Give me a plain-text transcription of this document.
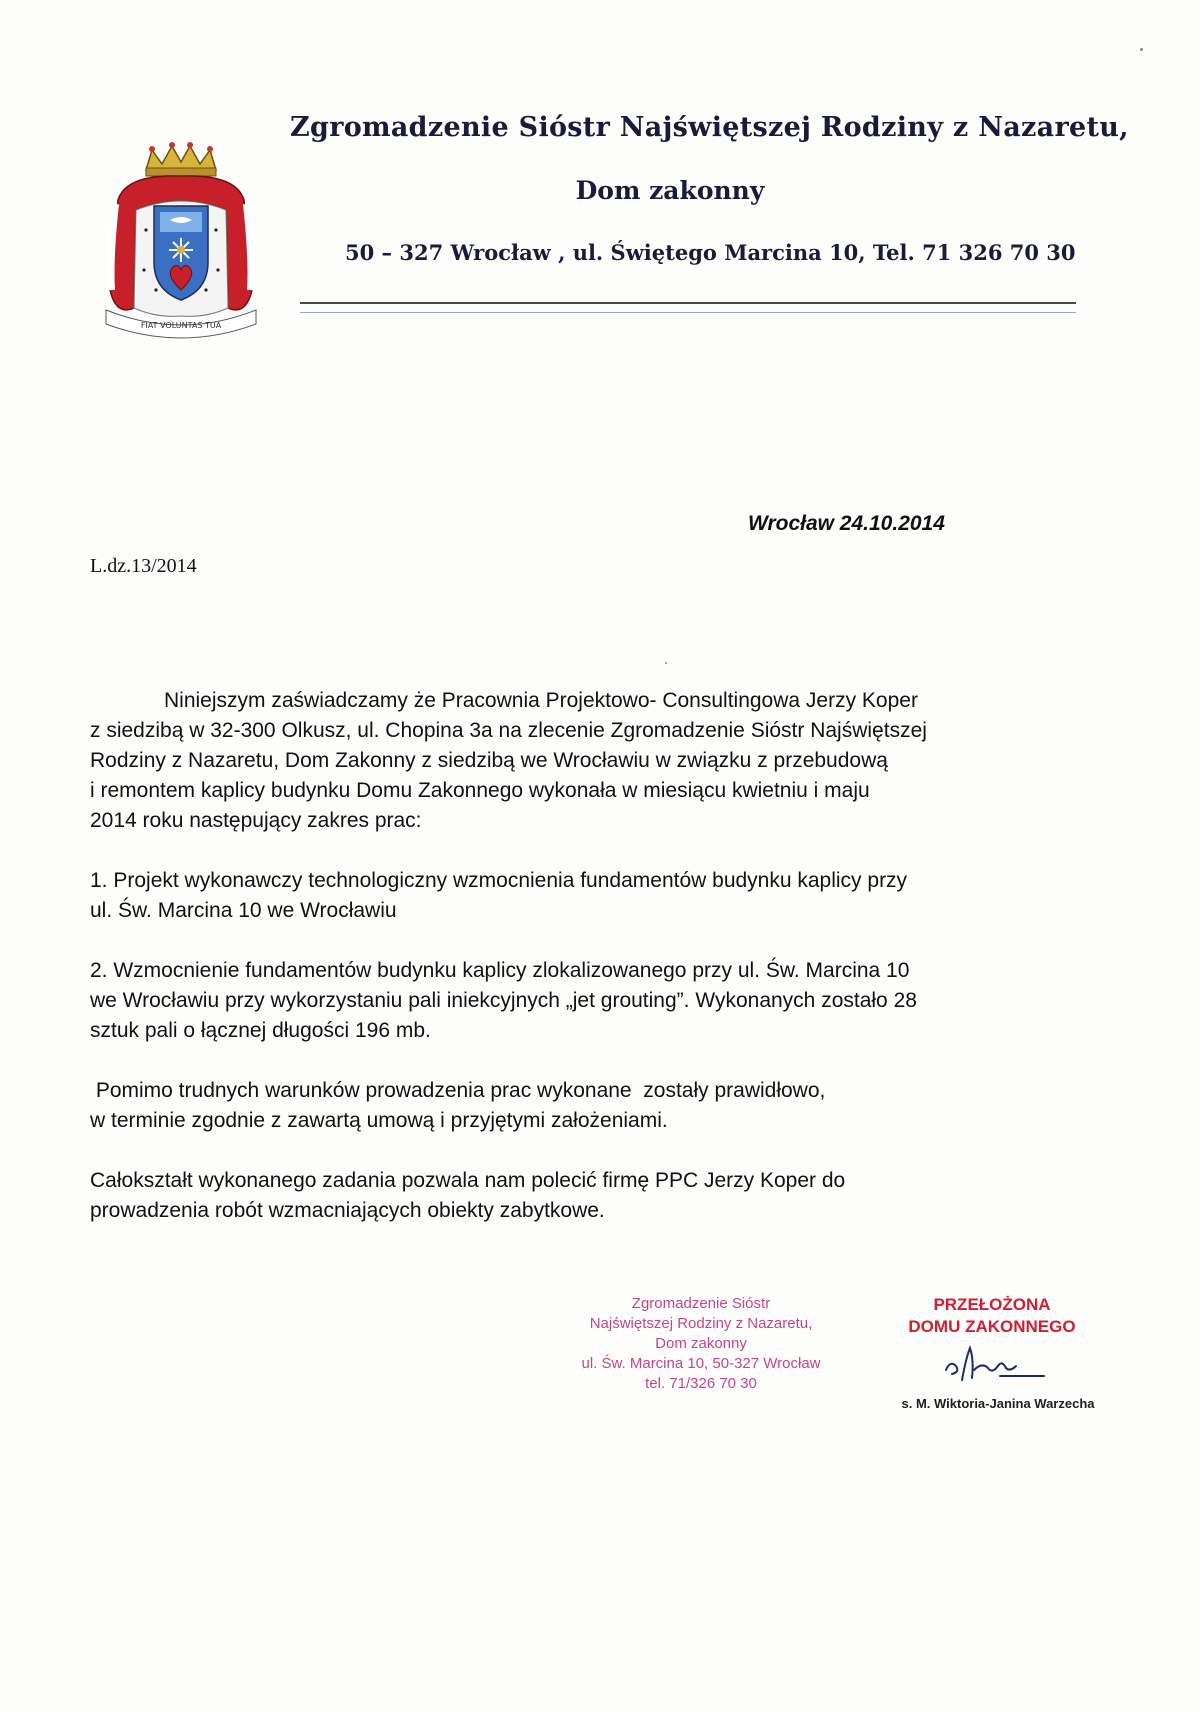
FIAT VOLUNTAS TUA
Zgromadzenie Sióstr Najświętszej Rodziny z Nazaretu,
Dom zakonny
50 – 327 Wrocław , ul. Świętego Marcina 10, Tel. 71 326 70 30
Wrocław 24.10.2014
L.dz.13/2014
Niniejszym zaświadczamy że Pracownia Projektowo- Consultingowa Jerzy Koper
z siedzibą w 32-300 Olkusz, ul. Chopina 3a na zlecenie Zgromadzenie Sióstr Najświętszej
Rodziny z Nazaretu, Dom Zakonny z siedzibą we Wrocławiu w związku z przebudową
i remontem kaplicy budynku Domu Zakonnego wykonała w miesiącu kwietniu i maju
2014 roku następujący zakres prac:
1. Projekt wykonawczy technologiczny wzmocnienia fundamentów budynku kaplicy przy
ul. Św. Marcina 10 we Wrocławiu
2. Wzmocnienie fundamentów budynku kaplicy zlokalizowanego przy ul. Św. Marcina 10
we Wrocławiu przy wykorzystaniu pali iniekcyjnych „jet grouting”. Wykonanych zostało 28
sztuk pali o łącznej długości 196 mb.
Pomimo trudnych warunków prowadzenia prac wykonane  zostały prawidłowo,
w terminie zgodnie z zawartą umową i przyjętymi założeniami.
Całokształt wykonanego zadania pozwala nam polecić firmę PPC Jerzy Koper do
prowadzenia robót wzmacniających obiekty zabytkowe.
Zgromadzenie Sióstr
Najświętszej Rodziny z Nazaretu,
Dom zakonny
ul. Św. Marcina 10, 50-327 Wrocław
tel. 71/326 70 30
PRZEŁOŻONA
DOMU ZAKONNEGO
s. M. Wiktoria-Janina Warzecha
